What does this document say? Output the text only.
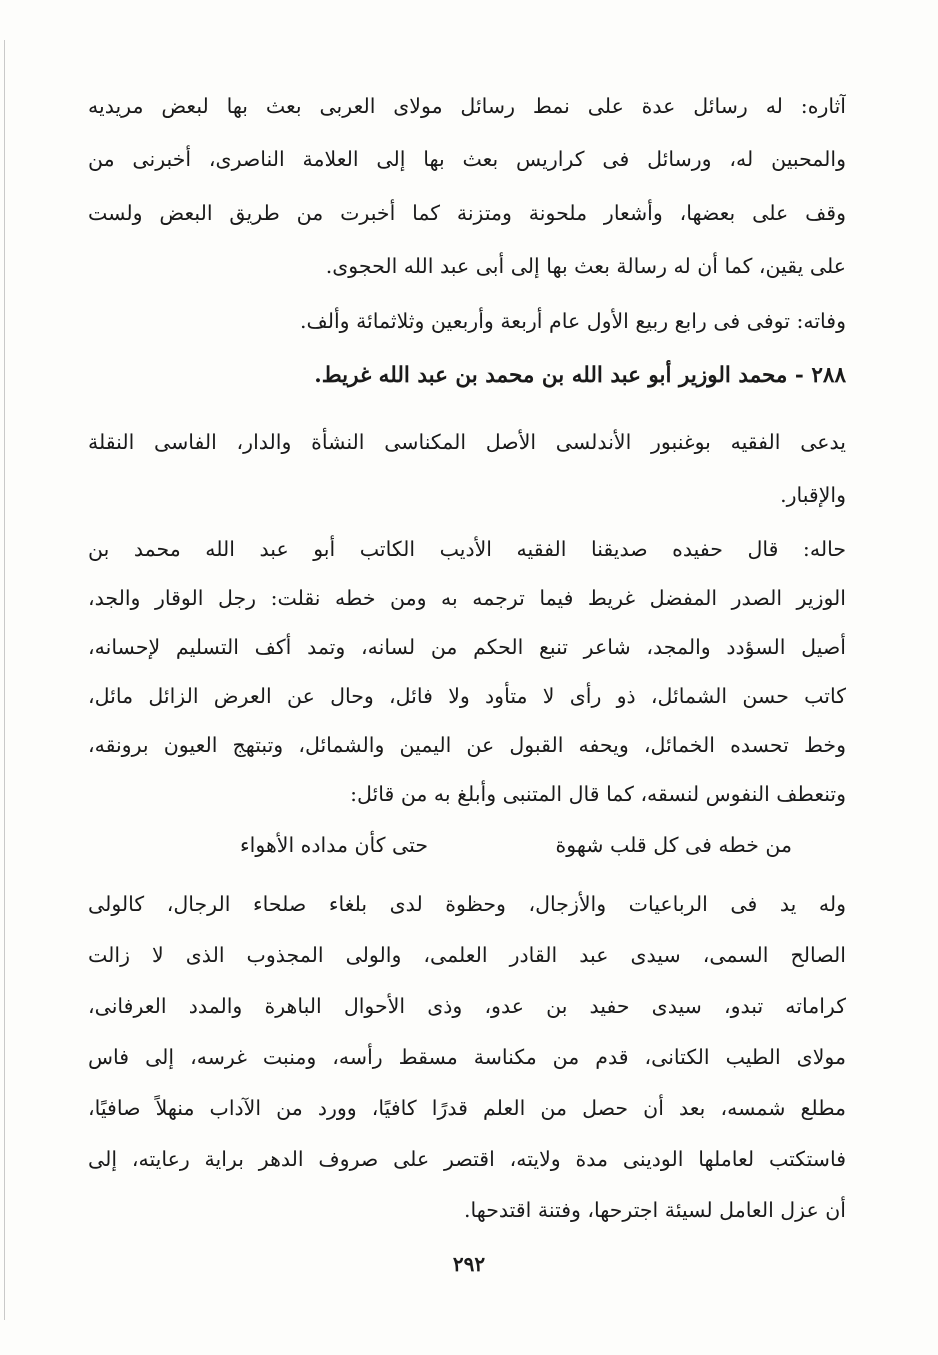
آثاره: له رسائل عدة على نمط رسائل مولاى العربى بعث بها لبعض مريديه
والمحبين له، ورسائل فى كراريس بعث بها إلى العلامة الناصرى، أخبرنى من
وقف على بعضها، وأشعار ملحونة ومتزنة كما أخبرت من طريق البعض ولست
على يقين، كما أن له رسالة بعث بها إلى أبى عبد الله الحجوى.
وفاته: توفى فى رابع ربيع الأول عام أربعة وأربعين وثلاثمائة وألف.
٢٨٨ - محمد الوزير أبو عبد الله بن محمد بن عبد الله غريط.
يدعى الفقيه بوغنبور الأندلسى الأصل المكناسى النشأة والدار، الفاسى النقلة
والإقبار.
حاله: قال حفيده صديقنا الفقيه الأديب الكاتب أبو عبد الله محمد بن
الوزير الصدر المفضل غريط فيما ترجمه به ومن خطه نقلت: رجل الوقار والجد،
أصيل السؤدد والمجد، شاعر تنبع الحكم من لسانه، وتمد أكف التسليم لإحسانه،
كاتب حسن الشمائل، ذو رأى لا متأود ولا فائل، وحال عن العرض الزائل مائل،
وخط تحسده الخمائل، ويحفه القبول عن اليمين والشمائل، وتبتهج العيون برونقه،
وتنعطف النفوس لنسقه، كما قال المتنبى وأبلغ به من قائل:
من خطه فى كل قلب شهوة
حتى كأن مداده الأهواء
وله يد فى الرباعيات والأزجال، وحظوة لدى بلغاء صلحاء الرجال، كالولى
الصالح السمى، سيدى عبد القادر العلمى، والولى المجذوب الذى لا زالت
كراماته تبدو، سيدى حفيد بن عدو، وذى الأحوال الباهرة والمدد العرفانى،
مولاى الطيب الكتانى، قدم من مكناسة مسقط رأسه، ومنبت غرسه، إلى فاس
مطلع شمسه، بعد أن حصل من العلم قدرًا كافيًا، وورد من الآداب منهلاً صافيًا،
فاستكتب لعاملها الودينى مدة ولايته، اقتصر على صروف الدهر براية رعايته، إلى
أن عزل العامل لسيئة اجترحها، وفتنة اقتدحها.
٢٩٢
